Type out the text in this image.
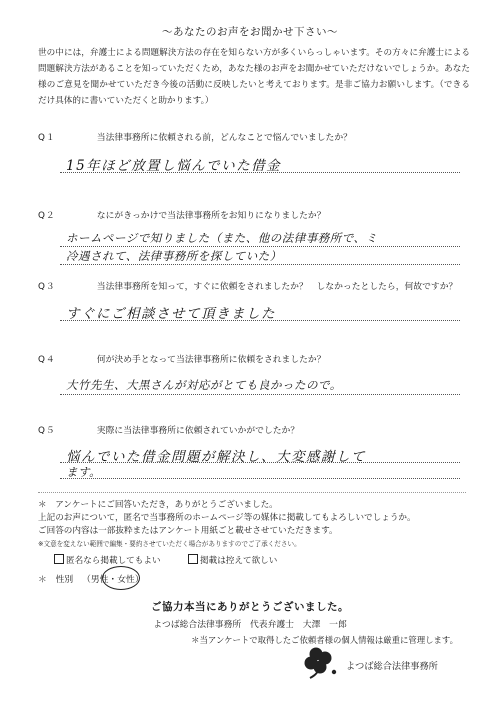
〜あなたのお声をお聞かせ下さい〜
世の中には，弁護士による問題解決方法の存在を知らない方が多くいらっしゃいます。その方々に弁護士による問題解決方法があることを知っていただくため，あなた様のお声をお聞かせていただけないでしょうか。あなた様のご意見を聞かせていただき今後の活動に反映したいと考えております。是非ご協力お願いします。（できるだけ具体的に書いていただくと助かります。）
Q１	当法律事務所に依頼される前，どんなことで悩んでいましたか？
15年ほど放置し悩んでいた借金
Q２	なにがきっかけで当法律事務所をお知りになりましたか？
ホームページで知りました（また、他の法律事務所で、ミ
冷遇されて、法律事務所を探していた）
Q３	当法律事務所を知って，すぐに依頼をされましたか？　しなかったとしたら，何故ですか？
すぐにご相談させて頂きました
Q４	何が決め手となって当法律事務所に依頼をされましたか？
大竹先生、大黒さんが対応がとても良かったので。
Q５	実際に当法律事務所に依頼されていかがでしたか？
悩んでいた借金問題が解決し、大変感謝して
ます。
＊　アンケートにご回答いただき，ありがとうございました。
上記のお声について，匿名で当事務所のホームページ等の媒体に掲載してもよろしいでしょうか。
ご回答の内容は一部抜粋またはアンケート用紙ごと載せさせていただきます。
※文意を変えない範囲で編集・要約させていただく場合がありますのでご了承ください。
匿名なら掲載してもよい	掲載は控えて欲しい
＊　性別 （男性・女性）
ご協力本当にありがとうございました。
よつば総合法律事務所　代表弁護士　大澤　一郎
＊当アンケートで取得したご依頼者様の個人情報は厳重に管理します。
よつば総合法律事務所
